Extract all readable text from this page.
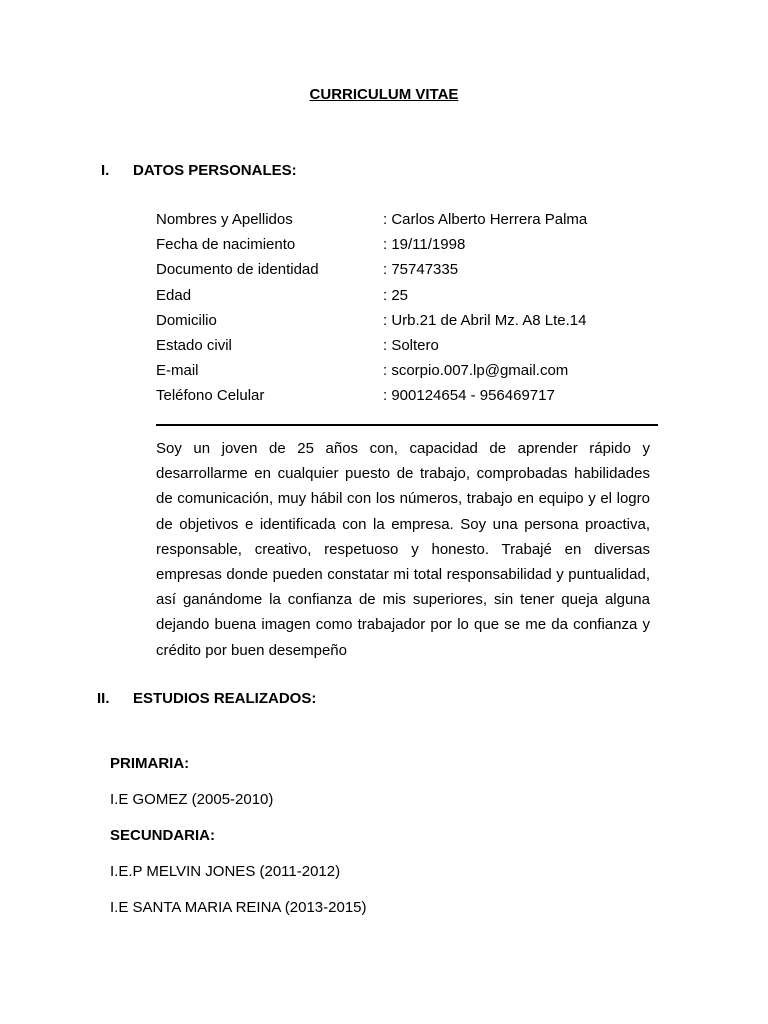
CURRICULUM VITAE
I. DATOS PERSONALES:
Nombres y Apellidos	: Carlos Alberto Herrera Palma
Fecha de nacimiento	: 19/11/1998
Documento de identidad	: 75747335
Edad	: 25
Domicilio	: Urb.21 de Abril Mz. A8 Lte.14
Estado civil	: Soltero
E-mail	: scorpio.007.lp@gmail.com
Teléfono Celular	: 900124654 - 956469717
Soy un joven de 25 años con, capacidad de aprender rápido y desarrollarme en cualquier puesto de trabajo, comprobadas habilidades de comunicación, muy hábil con los números, trabajo en equipo y el logro de objetivos e identificada con la empresa. Soy una persona proactiva, responsable, creativo, respetuoso y honesto. Trabajé en diversas empresas donde pueden constatar mi total responsabilidad y puntualidad, así ganándome la confianza de mis superiores, sin tener queja alguna dejando buena imagen como trabajador por lo que se me da confianza y crédito por buen desempeño
II. ESTUDIOS REALIZADOS:
PRIMARIA:
I.E GOMEZ (2005-2010)
SECUNDARIA:
I.E.P MELVIN JONES (2011-2012)
I.E SANTA MARIA REINA (2013-2015)
